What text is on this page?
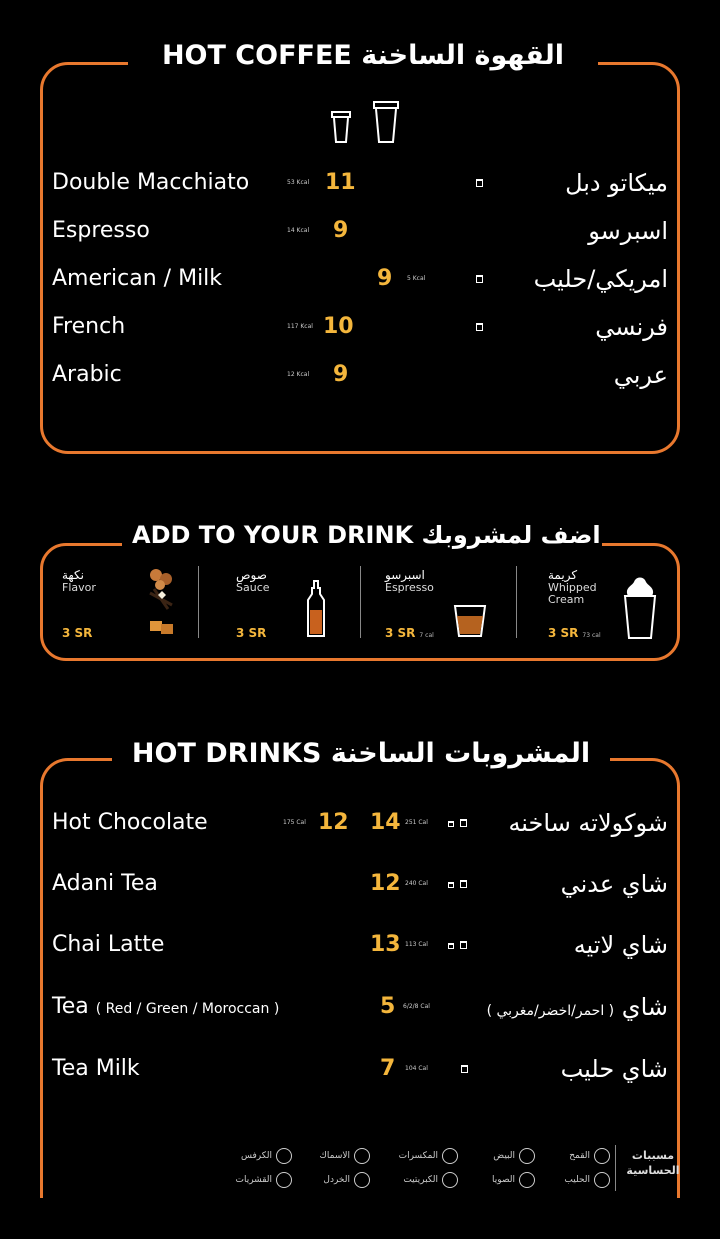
HOT COFFEE القهوة الساخنة
Double Macchiato	53 Kcal 11	ميكاتو دبل
Espresso	14 Kcal 9	اسبرسو
American / Milk	9 5 Kcal	امريكي/حليب
French	117 Kcal 10	فرنسي
Arabic	12 Kcal 9	عربي
ADD TO YOUR DRINK اضف لمشروبك
نكهة
Flavor
3 SR
صوص
Sauce
3 SR
اسبرسو
Espresso
3 SR 7 cal
كريمة
Whipped Cream
3 SR 73 cal
HOT DRINKS المشروبات الساخنة
Hot Chocolate	175 Cal 12 14 251 Cal	شوكولاته ساخنه
Adani Tea	12 240 Cal	شاي عدني
Chai Latte	13 113 Cal	شاي لاتيه
Tea ( Red / Green / Moroccan )	5 6/2/8 Cal	شاي ( احمر/اخضر/مغربي )
Tea Milk	7 104 Cal	شاي حليب
مسببات
الحساسية
القمح
البيض
المكسرات
الاسماك
الكرفس
الحليب
الصويا
الكبريتيت
الخردل
القشريات
